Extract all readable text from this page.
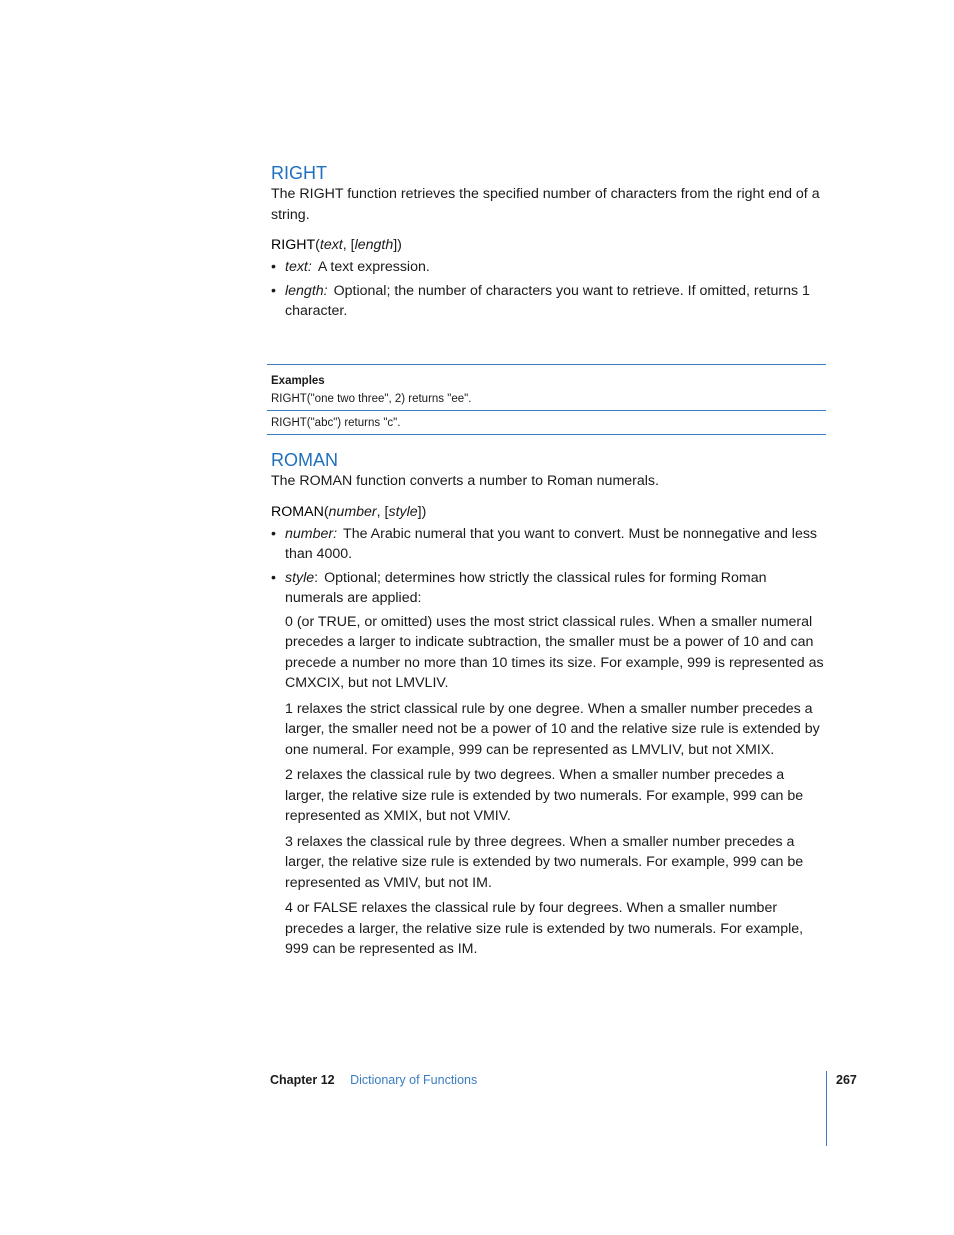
RIGHT

The RIGHT function retrieves the specified number of characters from the right end of a string.

RIGHT(text, [length])

• text: A text expression.
• length: Optional; the number of characters you want to retrieve. If omitted, returns 1 character.
Examples
RIGHT("one two three", 2) returns "ee".
RIGHT("abc") returns "c".
ROMAN

The ROMAN function converts a number to Roman numerals.

ROMAN(number, [style])

• number: The Arabic numeral that you want to convert. Must be nonnegative and less than 4000.
• style: Optional; determines how strictly the classical rules for forming Roman numerals are applied:

0 (or TRUE, or omitted) uses the most strict classical rules. When a smaller numeral precedes a larger to indicate subtraction, the smaller must be a power of 10 and can precede a number no more than 10 times its size. For example, 999 is represented as CMXCIX, but not LMVLIV.

1 relaxes the strict classical rule by one degree. When a smaller number precedes a larger, the smaller need not be a power of 10 and the relative size rule is extended by one numeral. For example, 999 can be represented as LMVLIV, but not XMIX.

2 relaxes the classical rule by two degrees. When a smaller number precedes a larger, the relative size rule is extended by two numerals. For example, 999 can be represented as XMIX, but not VMIV.

3 relaxes the classical rule by three degrees. When a smaller number precedes a larger, the relative size rule is extended by two numerals. For example, 999 can be represented as VMIV, but not IM.

4 or FALSE relaxes the classical rule by four degrees. When a smaller number precedes a larger, the relative size rule is extended by two numerals. For example, 999 can be represented as IM.

Chapter 12 Dictionary of Functions	267
